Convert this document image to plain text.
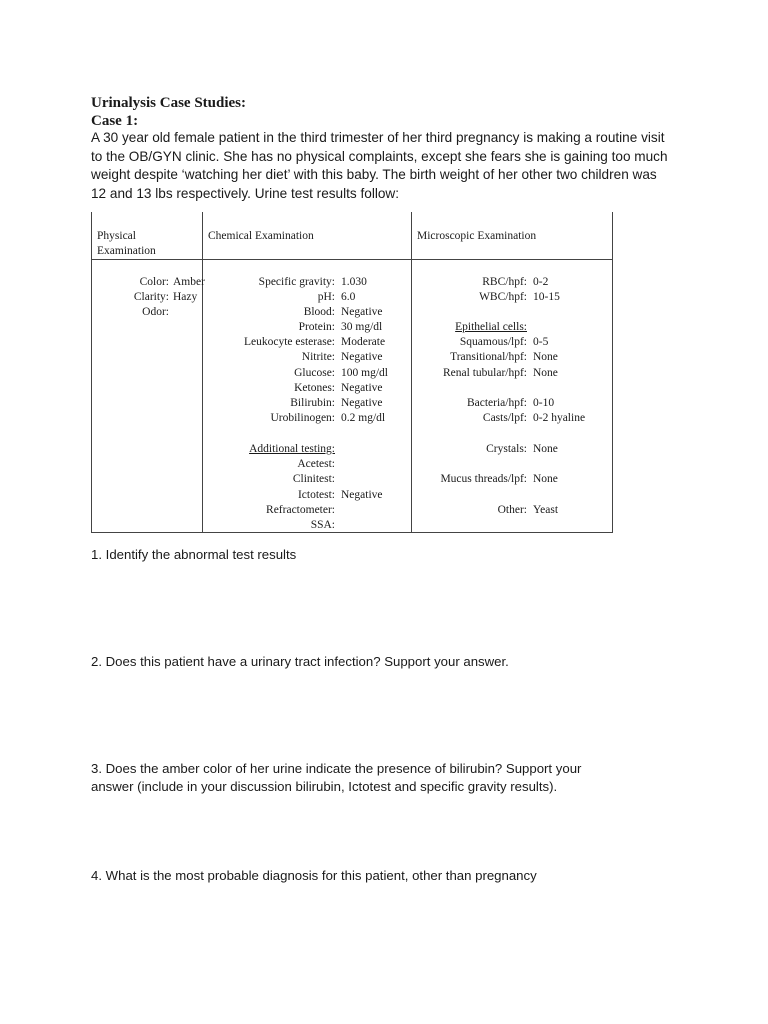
Urinalysis Case Studies:
Case 1:
A 30 year old female patient in the third trimester of her third pregnancy is making a routine visit
to the OB/GYN clinic. She has no physical complaints, except she fears she is gaining too much
weight despite ‘watching her diet’ with this baby. The birth weight of her other two children was
12 and 13 lbs respectively. Urine test results follow:
Physical
Examination
Chemical Examination	Microscopic Examination
Color: Amber
Clarity: Hazy
Odor:
Specific gravity: 1.030
pH: 6.0
Blood: Negative
Protein: 30 mg/dl
Leukocyte esterase: Moderate
Nitrite: Negative
Glucose: 100 mg/dl
Ketones: Negative
Bilirubin: Negative
Urobilinogen: 0.2 mg/dl
Additional testing:
Acetest:
Clinitest:
Ictotest: Negative
Refractometer:
SSA:
RBC/hpf: 0-2
WBC/hpf: 10-15
Epithelial cells:
Squamous/lpf: 0-5
Transitional/hpf: None
Renal tubular/hpf: None
Bacteria/hpf: 0-10
Casts/lpf: 0-2 hyaline
Crystals: None
Mucus threads/lpf: None
Other: Yeast
1. Identify the abnormal test results
2. Does this patient have a urinary tract infection? Support your answer.
3. Does the amber color of her urine indicate the presence of bilirubin? Support your
answer (include in your discussion bilirubin, Ictotest and specific gravity results).
4. What is the most probable diagnosis for this patient, other than pregnancy
